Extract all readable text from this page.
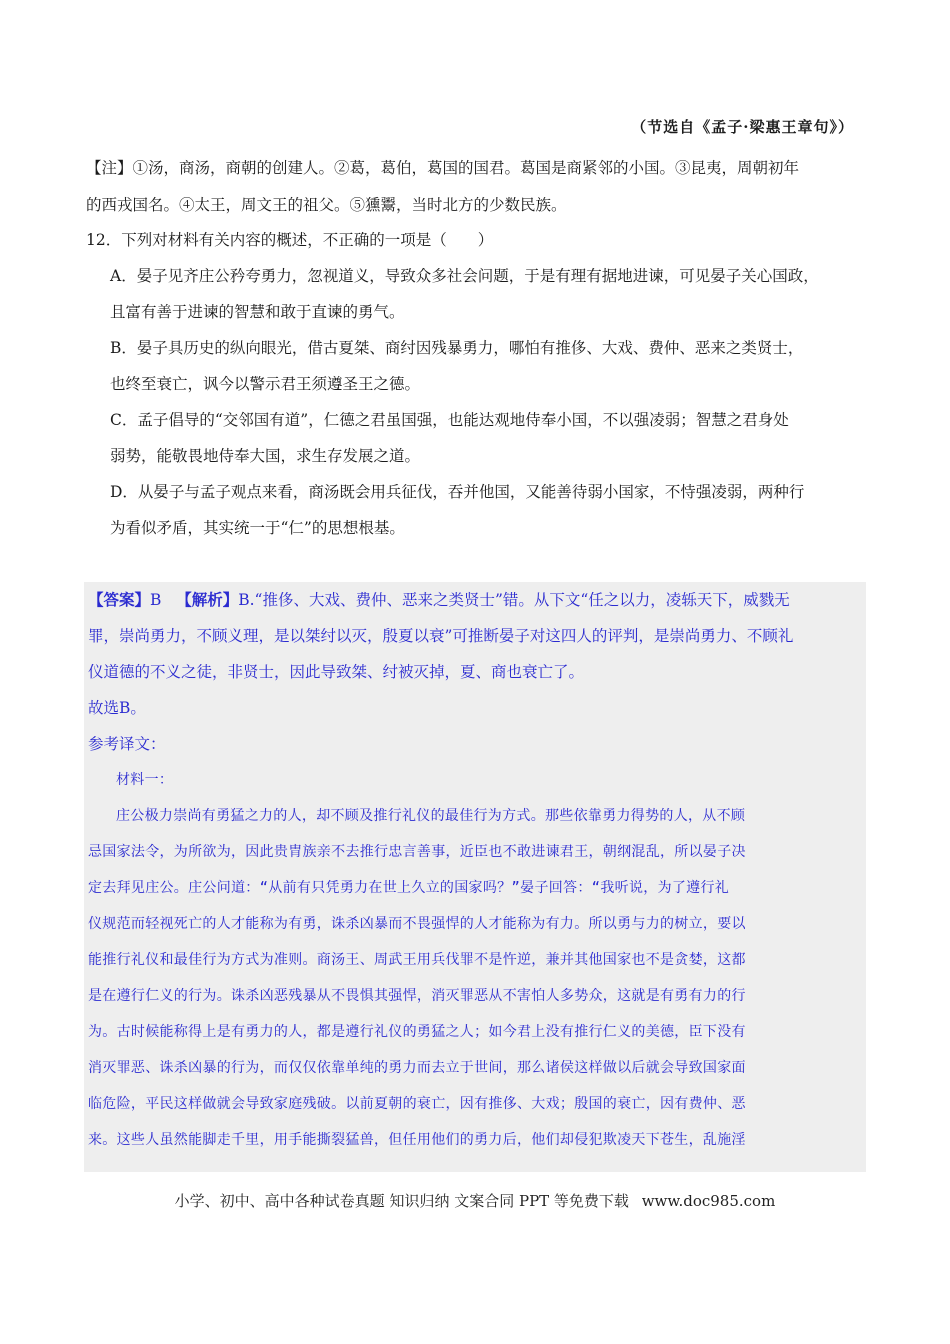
（节选自《孟子·梁惠王章句》）
【注】①汤，商汤，商朝的创建人。②葛，葛伯，葛国的国君。葛国是商紧邻的小国。③昆夷，周朝初年
的西戎国名。④太王，周文王的祖父。⑤獯鬻，当时北方的少数民族。
12．下列对材料有关内容的概述，不正确的一项是（　　）
A．晏子见齐庄公矜夸勇力，忽视道义，导致众多社会问题，于是有理有据地进谏，可见晏子关心国政，
且富有善于进谏的智慧和敢于直谏的勇气。
B．晏子具历史的纵向眼光，借古夏桀、商纣因残暴勇力，哪怕有推侈、大戏、费仲、恶来之类贤士，
也终至衰亡，讽今以警示君王须遵圣王之德。
C．孟子倡导的“交邻国有道”，仁德之君虽国强，也能达观地侍奉小国，不以强凌弱；智慧之君身处
弱势，能敬畏地侍奉大国，求生存发展之道。
D．从晏子与孟子观点来看，商汤既会用兵征伐，吞并他国，又能善待弱小国家，不恃强凌弱，两种行
为看似矛盾，其实统一于“仁”的思想根基。
【答案】B 【解析】B.“推侈、大戏、费仲、恶来之类贤士”错。从下文“任之以力，凌轹天下，威戮无
罪，崇尚勇力，不顾义理，是以桀纣以灭，殷夏以衰”可推断晏子对这四人的评判，是崇尚勇力、不顾礼
仪道德的不义之徒，非贤士，因此导致桀、纣被灭掉，夏、商也衰亡了。
故选B。
参考译文：
材料一：
庄公极力崇尚有勇猛之力的人，却不顾及推行礼仪的最佳行为方式。那些依靠勇力得势的人，从不顾
忌国家法令，为所欲为，因此贵胄族亲不去推行忠言善事，近臣也不敢进谏君王，朝纲混乱，所以晏子决
定去拜见庄公。庄公问道：“从前有只凭勇力在世上久立的国家吗？”晏子回答：“我听说，为了遵行礼
仪规范而轻视死亡的人才能称为有勇，诛杀凶暴而不畏强悍的人才能称为有力。所以勇与力的树立，要以
能推行礼仪和最佳行为方式为准则。商汤王、周武王用兵伐罪不是忤逆，兼并其他国家也不是贪婪，这都
是在遵行仁义的行为。诛杀凶恶残暴从不畏惧其强悍，消灭罪恶从不害怕人多势众，这就是有勇有力的行
为。古时候能称得上是有勇力的人，都是遵行礼仪的勇猛之人；如今君上没有推行仁义的美德，臣下没有
消灭罪恶、诛杀凶暴的行为，而仅仅依靠单纯的勇力而去立于世间，那么诸侯这样做以后就会导致国家面
临危险，平民这样做就会导致家庭残破。以前夏朝的衰亡，因有推侈、大戏；殷国的衰亡，因有费仲、恶
来。这些人虽然能脚走千里，用手能撕裂猛兽，但任用他们的勇力后，他们却侵犯欺凌天下苍生，乱施淫
小学、初中、高中各种试卷真题 知识归纳 文案合同 PPT 等免费下载 www.doc985.com
